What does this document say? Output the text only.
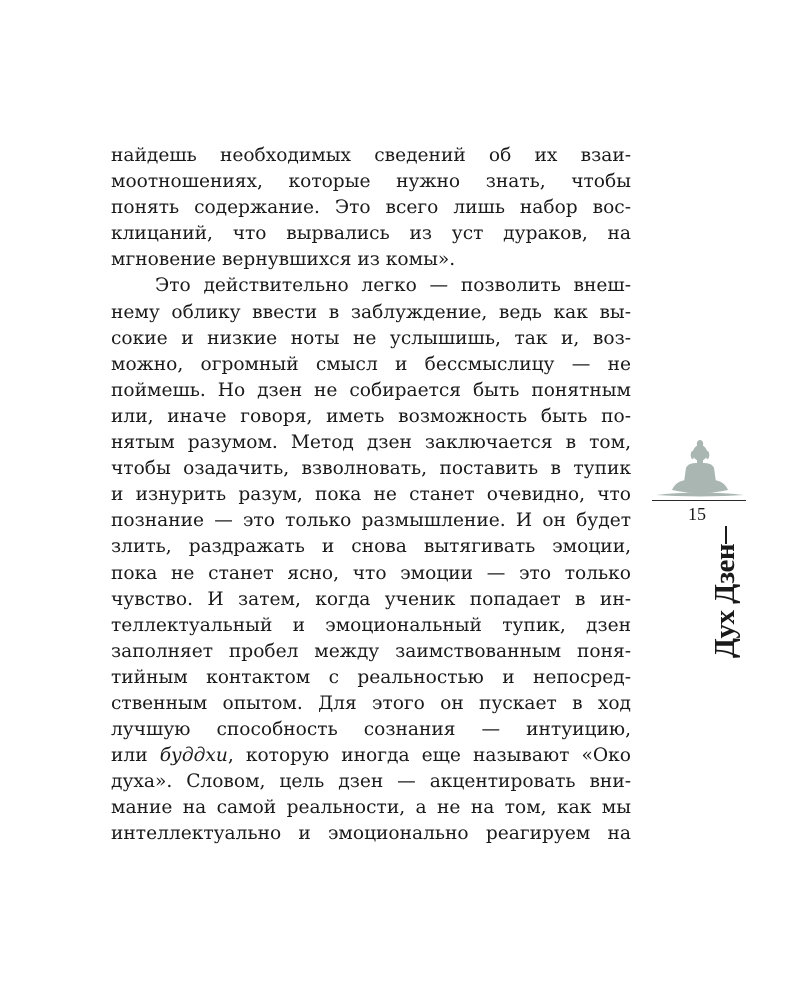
найдешь необходимых сведений об их взаи-
моотношениях, которые нужно знать, чтобы
понять содержание. Это всего лишь набор вос-
клицаний, что вырвались из уст дураков, на
мгновение вернувшихся из комы».
Это действительно легко — позволить внеш-
нему облику ввести в заблуждение, ведь как вы-
сокие и низкие ноты не услышишь, так и, воз-
можно, огромный смысл и бессмыслицу — не
поймешь. Но дзен не собирается быть понятным
или, иначе говоря, иметь возможность быть по-
нятым разумом. Метод дзен заключается в том,
чтобы озадачить, взволновать, поставить в тупик
и изнурить разум, пока не станет очевидно, что
познание — это только размышление. И он будет
злить, раздражать и снова вытягивать эмоции,
пока не станет ясно, что эмоции — это только
чувство. И затем, когда ученик попадает в ин-
теллектуальный и эмоциональный тупик, дзен
заполняет пробел между заимствованным поня-
тийным контактом с реальностью и непосред-
ственным опытом. Для этого он пускает в ход
лучшую способность сознания — интуицию,
или буддхи, которую иногда еще называют «Око
духа». Словом, цель дзен — акцентировать вни-
мание на самой реальности, а не на том, как мы
интеллектуально и эмоционально реагируем на
15
Дух Дзен
